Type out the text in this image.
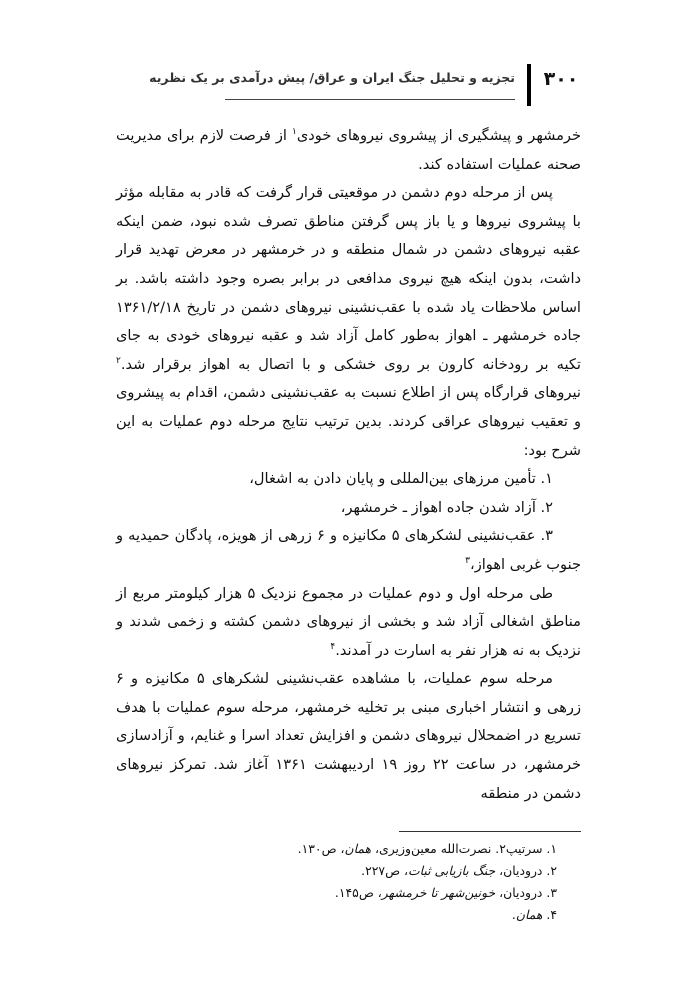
۳۰۰
تجزیه و تحلیل جنگ ایران و عراق/ پیش درآمدی بر یک نظریه

خرمشهر و پیشگیری از پیشروی نیروهای خودی$^۱$ از فرصت لازم برای مدیریت صحنه عملیات استفاده کند.

پس از مرحله دوم دشمن در موقعیتی قرار گرفت که قادر به مقابله مؤثر با پیشروی نیروها و یا باز پس گرفتن مناطق تصرف شده نبود، ضمن اینکه عقبه نیروهای دشمن در شمال منطقه و در خرمشهر در معرض تهدید قرار داشت، بدون اینکه هیچ نیروی مدافعی در برابر بصره وجود داشته باشد. بر اساس ملاحظات یاد شده با عقب‌نشینی نیروهای دشمن در تاریخ ۱۳۶۱/۲/۱۸ جاده خرمشهر ـ اهواز به‌طور کامل آزاد شد و عقبه نیروهای خودی به جای تکیه بر رودخانه کارون بر روی خشکی و با اتصال به اهواز برقرار شد.$^۲$ نیروهای قرارگاه پس از اطلاع نسبت به عقب‌نشینی دشمن، اقدام به پیشروی و تعقیب نیروهای عراقی کردند. بدین ترتیب نتایج مرحله دوم عملیات به این شرح بود:

۱. تأمین مرزهای بین‌المللی و پایان دادن به اشغال،

۲. آزاد شدن جاده اهواز ـ خرمشهر،

۳. عقب‌نشینی لشکرهای ۵ مکانیزه و ۶ زرهی از هویزه، پادگان حمیدیه و جنوب غربی اهواز،$^۳$

طی مرحله اول و دوم عملیات در مجموع نزدیک ۵ هزار کیلومتر مربع از مناطق اشغالی آزاد شد و بخشی از نیروهای دشمن کشته و زخمی شدند و نزدیک به نه هزار نفر به اسارت در آمدند.$^۴$

مرحله سوم عملیات، با مشاهده عقب‌نشینی لشکرهای ۵ مکانیزه و ۶ زرهی و انتشار اخباری مبنی بر تخلیه خرمشهر، مرحله سوم عملیات با هدف تسریع در اضمحلال نیروهای دشمن و افزایش تعداد اسرا و غنایم، و آزادسازی خرمشهر، در ساعت ۲۲ روز ۱۹ اردیبهشت ۱۳۶۱ آغاز شد. تمرکز نیروهای دشمن در منطقه

۱. سرتیپ۲. نصرت‌الله معین‌وزیری، همان، ص۱۳۰.
۲. درودیان، جنگ بازیابی ثبات، ص۲۲۷.
۳. درودیان، خونین‌شهر تا خرمشهر، ص۱۴۵.
۴. همان.
